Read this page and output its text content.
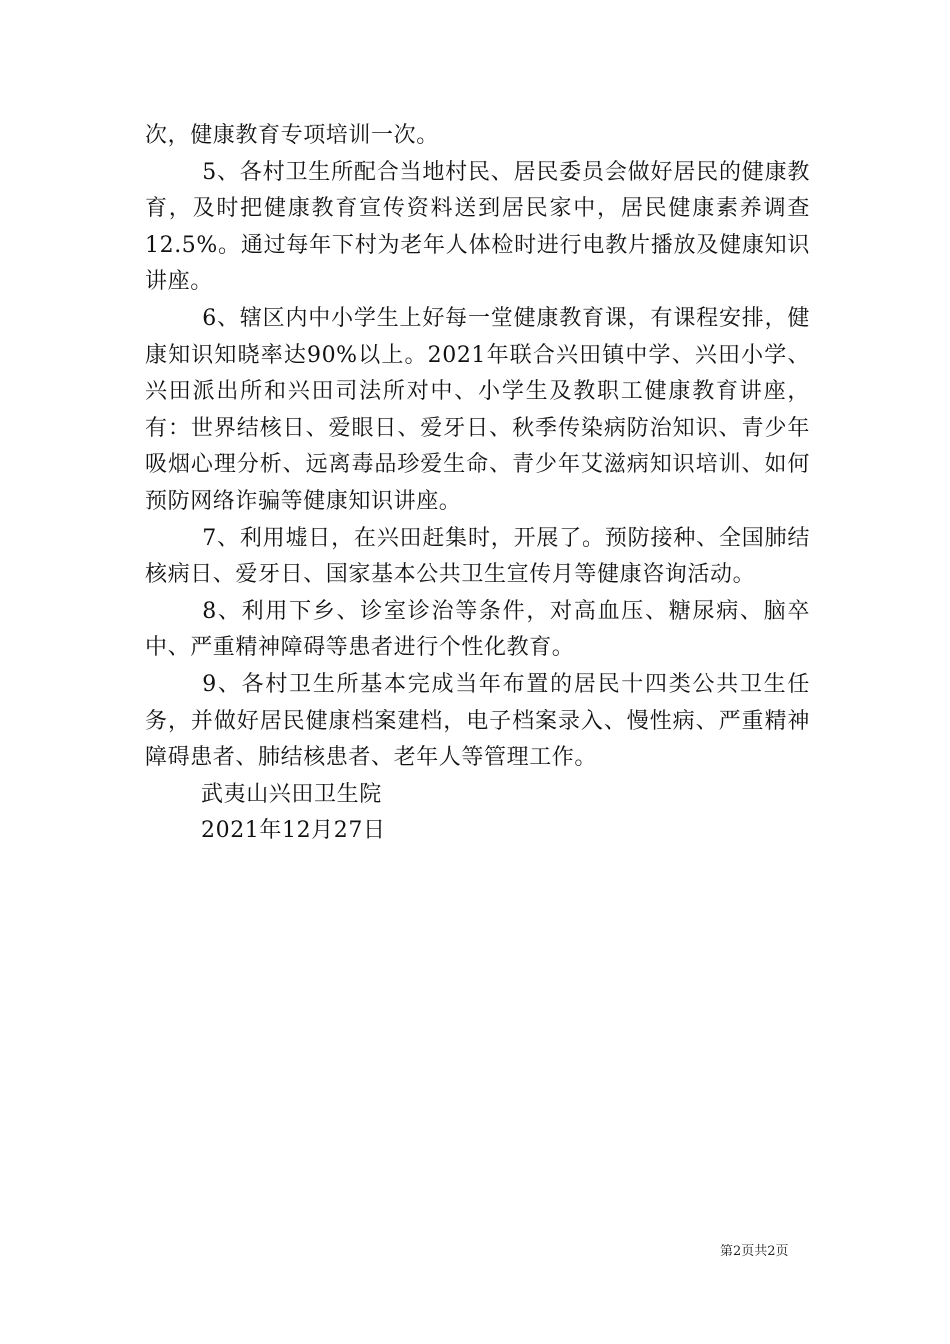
次，健康教育专项培训一次。

5、各村卫生所配合当地村民、居民委员会做好居民的健康教育，及时把健康教育宣传资料送到居民家中，居民健康素养调查12.5%。通过每年下村为老年人体检时进行电教片播放及健康知识讲座。

6、辖区内中小学生上好每一堂健康教育课，有课程安排，健康知识知晓率达90%以上。2021年联合兴田镇中学、兴田小学、兴田派出所和兴田司法所对中、小学生及教职工健康教育讲座，有：世界结核日、爱眼日、爱牙日、秋季传染病防治知识、青少年吸烟心理分析、远离毒品珍爱生命、青少年艾滋病知识培训、如何预防网络诈骗等健康知识讲座。

7、利用墟日，在兴田赶集时，开展了。预防接种、全国肺结核病日、爱牙日、国家基本公共卫生宣传月等健康咨询活动。

8、利用下乡、诊室诊治等条件，对高血压、糖尿病、脑卒中、严重精神障碍等患者进行个性化教育。

9、各村卫生所基本完成当年布置的居民十四类公共卫生任务，并做好居民健康档案建档，电子档案录入、慢性病、严重精神障碍患者、肺结核患者、老年人等管理工作。

武夷山兴田卫生院

2021年12月27日

第2页共2页
